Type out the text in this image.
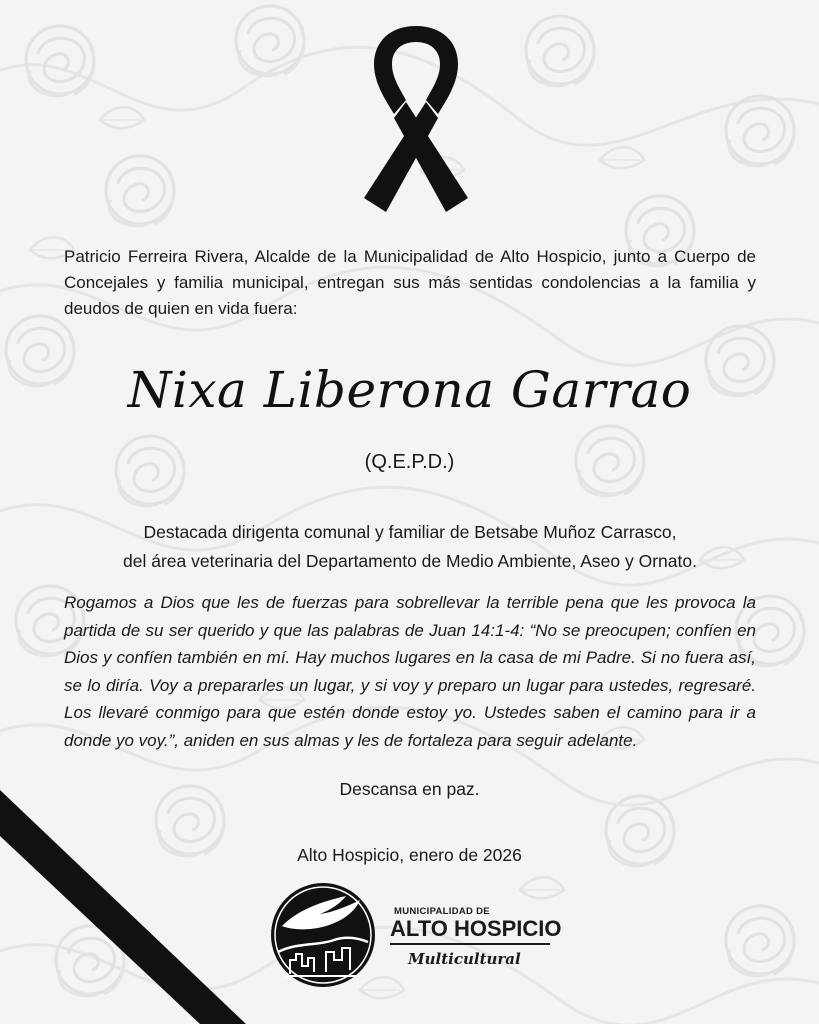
Patricio Ferreira Rivera, Alcalde de la Municipalidad de Alto Hospicio, junto a Cuerpo de Concejales y familia municipal, entregan sus más sentidas condolencias a la familia y deudos de quien en vida fuera:
Nixa Liberona Garrao
(Q.E.P.D.)
Destacada dirigenta comunal y familiar de Betsabe Muñoz Carrasco,
del área veterinaria del Departamento de Medio Ambiente, Aseo y Ornato.
Rogamos a Dios que les de fuerzas para sobrellevar la terrible pena que les provoca la partida de su ser querido y que las palabras de Juan 14:1-4: “No se preocupen; confíen en Dios y confíen también en mí. Hay muchos lugares en la casa de mi Padre. Si no fuera así, se lo diría. Voy a prepararles un lugar, y si voy y preparo un lugar para ustedes, regresaré. Los llevaré conmigo para que estén donde estoy yo. Ustedes saben el camino para ir a donde yo voy.”, aniden en sus almas y les de fortaleza para seguir adelante.
Descansa en paz.
Alto Hospicio, enero de 2026
MUNICIPALIDAD DE
ALTO HOSPICIO
Multicultural
